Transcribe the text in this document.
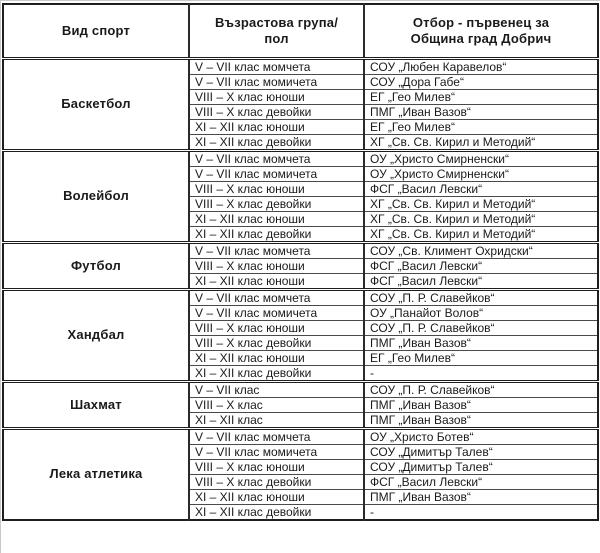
Вид спорт	Възрастова група/ пол	Отбор - първенец за Община град Добрич

Баскетбол	V – VII клас момчета	СОУ „Любен Каравелов“
	V – VII клас момичета	СОУ „Дора Габе“
	VIII – X клас юноши	ЕГ „Гео Милев“
	VIII – X клас девойки	ПМГ „Иван Вазов“
	XI – XII клас юноши	ЕГ „Гео Милев“
	XI – XII клас девойки	ХГ „Св. Св. Кирил и Методий“
Волейбол	V – VII клас момчета	ОУ „Христо Смирненски“
	V – VII клас момичета	ОУ „Христо Смирненски“
	VIII – X клас юноши	ФСГ „Васил Левски“
	VIII – X клас девойки	ХГ „Св. Св. Кирил и Методий“
	XI – XII клас юноши	ХГ „Св. Св. Кирил и Методий“
	XI – XII клас девойки	ХГ „Св. Св. Кирил и Методий“
Футбол	V – VII клас момчета	СОУ „Св. Климент Охридски“
	VIII – X клас юноши	ФСГ „Васил Левски“
	XI – XII клас юноши	ФСГ „Васил Левски“
Хандбал	V – VII клас момчета	СОУ „П. Р. Славейков“
	V – VII клас момичета	ОУ „Панайот Волов“
	VIII – X клас юноши	СОУ „П. Р. Славейков“
	VIII – X клас девойки	ПМГ „Иван Вазов“
	XI – XII клас юноши	ЕГ „Гео Милев“
	XI – XII клас девойки	-
Шахмат	V – VII клас	СОУ „П. Р. Славейков“
	VIII – X клас	ПМГ „Иван Вазов“
	XI – XII клас	ПМГ „Иван Вазов“
Лека атлетика	V – VII клас момчета	ОУ „Христо Ботев“
	V – VII клас момичета	СОУ „Димитър Талев“
	VIII – X клас юноши	СОУ „Димитър Талев“
	VIII – X клас девойки	ФСГ „Васил Левски“
	XI – XII клас юноши	ПМГ „Иван Вазов“
	XI – XII клас девойки	-
